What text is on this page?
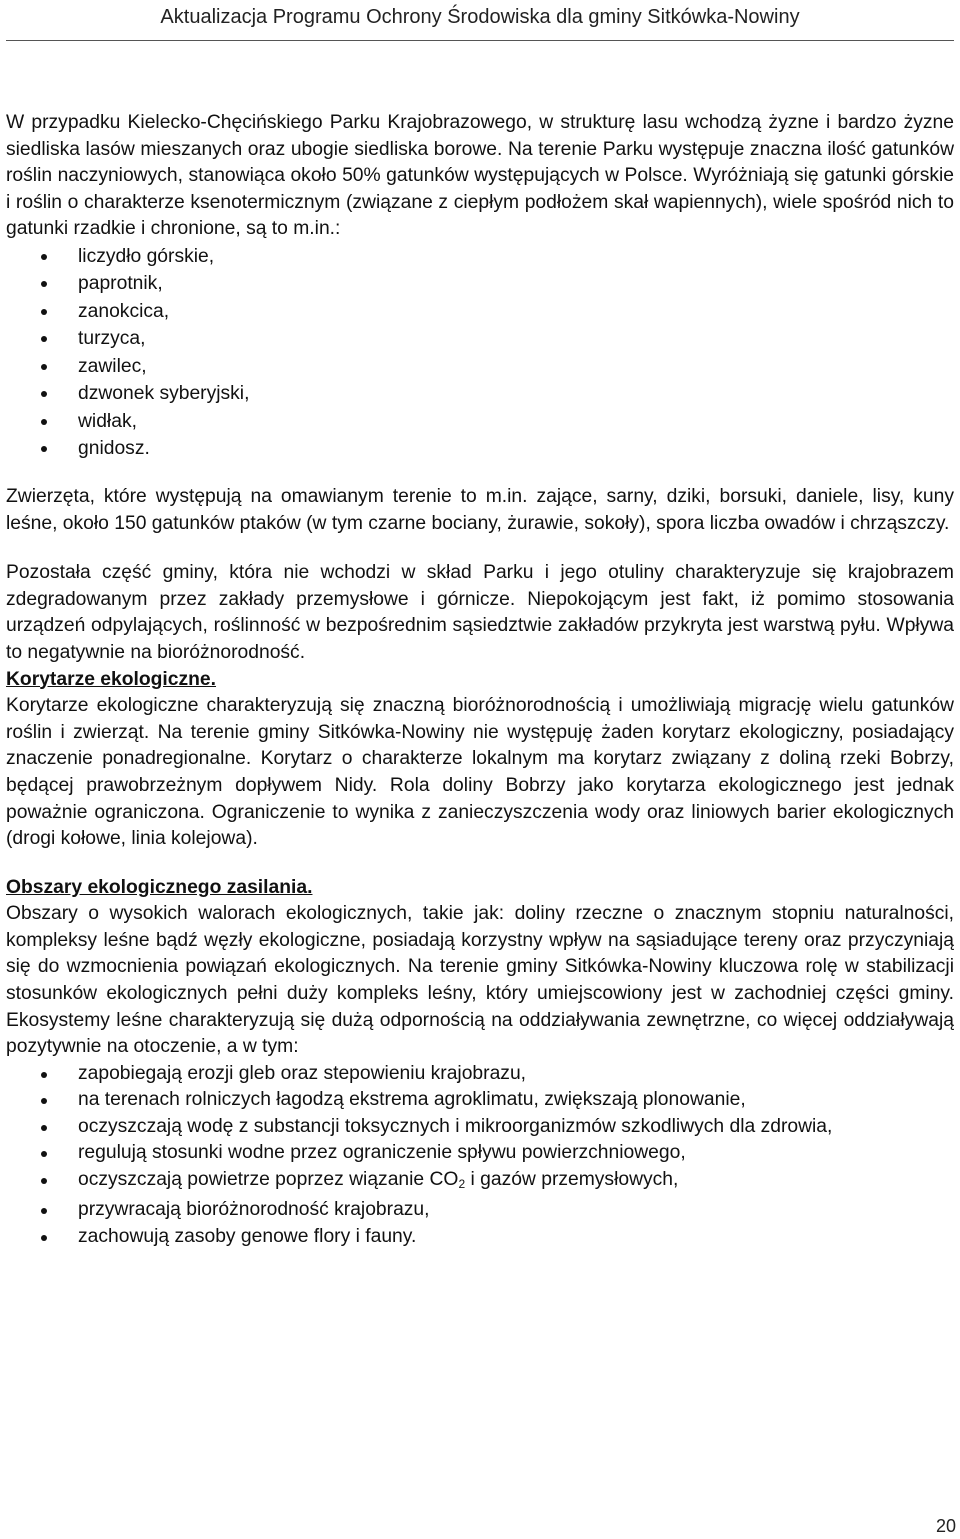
Aktualizacja Programu Ochrony Środowiska dla gminy Sitkówka-Nowiny

W przypadku Kielecko-Chęcińskiego Parku Krajobrazowego, w strukturę lasu wchodzą żyzne i bardzo żyzne siedliska lasów mieszanych oraz ubogie siedliska borowe. Na terenie Parku występuje znaczna ilość gatunków roślin naczyniowych, stanowiąca około 50% gatunków występujących w Polsce. Wyróżniają się gatunki górskie i roślin o charakterze ksenotermicznym (związane z ciepłym podłożem skał wapiennych), wiele spośród nich to gatunki rzadkie i chronione, są to m.in.:

liczydło górskie,
paprotnik,
zanokcica,
turzyca,
zawilec,
dzwonek syberyjski,
widłak,
gnidosz.

Zwierzęta, które występują na omawianym terenie to m.in. zające, sarny, dziki, borsuki, daniele, lisy, kuny leśne, około 150 gatunków ptaków (w tym czarne bociany, żurawie, sokoły), spora liczba owadów i chrząszczy.

Pozostała część gminy, która nie wchodzi w skład Parku i jego otuliny charakteryzuje się krajobrazem zdegradowanym przez zakłady przemysłowe i górnicze. Niepokojącym jest fakt, iż pomimo stosowania urządzeń odpylających, roślinność w bezpośrednim sąsiedztwie zakładów przykryta jest warstwą pyłu. Wpływa to negatywnie na bioróżnorodność.

Korytarze ekologiczne.

Korytarze ekologiczne charakteryzują się znaczną bioróżnorodnością i umożliwiają migrację wielu gatunków roślin i zwierząt. Na terenie gminy Sitkówka-Nowiny nie występuję żaden korytarz ekologiczny, posiadający znaczenie ponadregionalne. Korytarz o charakterze lokalnym ma korytarz związany z doliną rzeki Bobrzy, będącej prawobrzeżnym dopływem Nidy. Rola doliny Bobrzy jako korytarza ekologicznego jest jednak poważnie ograniczona. Ograniczenie to wynika z zanieczyszczenia wody oraz liniowych barier ekologicznych (drogi kołowe, linia kolejowa).

Obszary ekologicznego zasilania.

Obszary o wysokich walorach ekologicznych, takie jak: doliny rzeczne o znacznym stopniu naturalności, kompleksy leśne bądź węzły ekologiczne, posiadają korzystny wpływ na sąsiadujące tereny oraz przyczyniają się do wzmocnienia powiązań ekologicznych. Na terenie gminy Sitkówka-Nowiny kluczowa rolę w stabilizacji stosunków ekologicznych pełni duży kompleks leśny, który umiejscowiony jest w zachodniej części gminy. Ekosystemy leśne charakteryzują się dużą odpornością na oddziaływania zewnętrzne, co więcej oddziaływają pozytywnie na otoczenie, a w tym:

zapobiegają erozji gleb oraz stepowieniu krajobrazu,
na terenach rolniczych łagodzą ekstrema agroklimatu, zwiększają plonowanie,
oczyszczają wodę z substancji toksycznych i mikroorganizmów szkodliwych dla zdrowia,
regulują stosunki wodne przez ograniczenie spływu powierzchniowego,
oczyszczają powietrze poprzez wiązanie $CO_2$ i gazów przemysłowych,
przywracają bioróżnorodność krajobrazu,
zachowują zasoby genowe flory i fauny.
20
